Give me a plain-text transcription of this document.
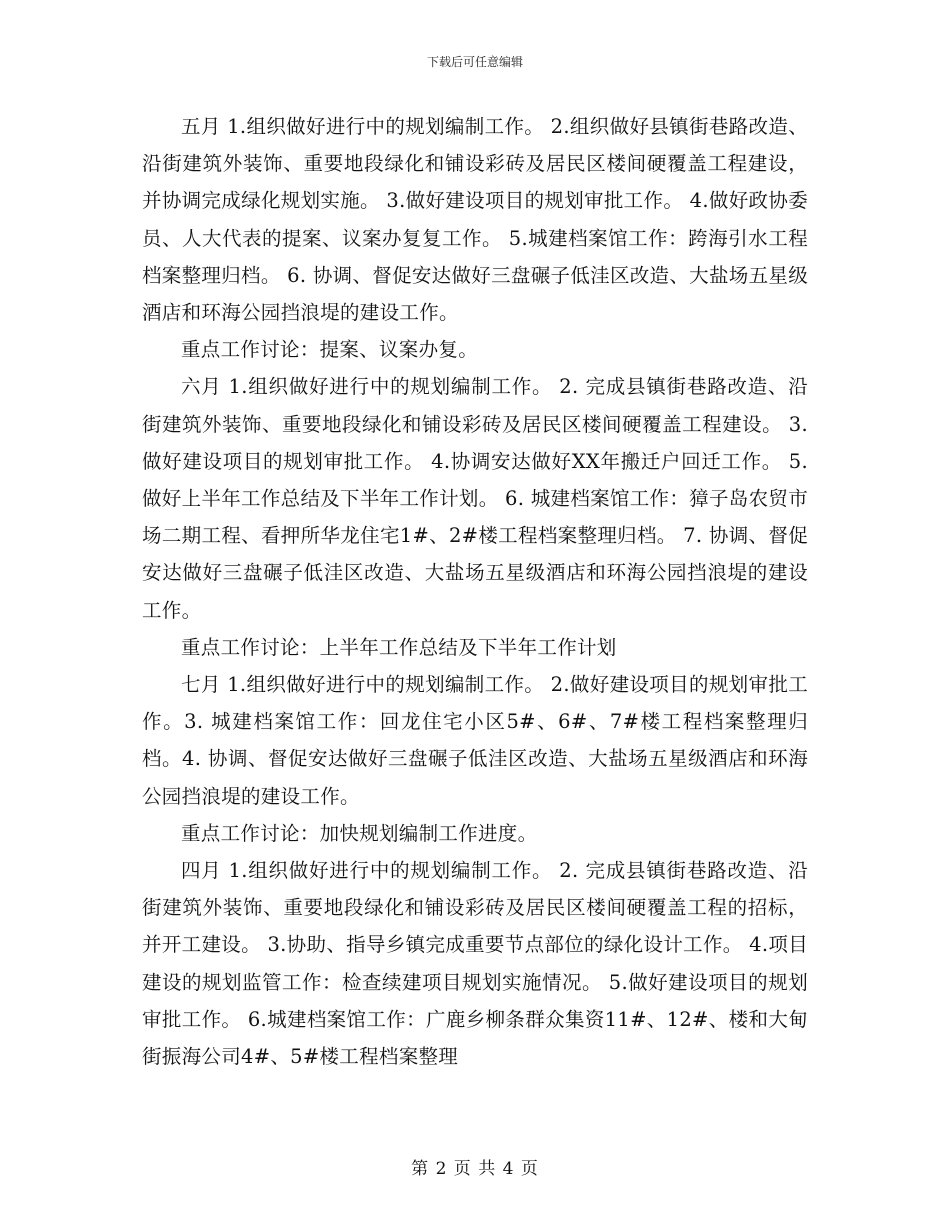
下载后可任意编辑

五月 1.组织做好进行中的规划编制工作。 2.组织做好县镇街巷路改造、沿街建筑外装饰、重要地段绿化和铺设彩砖及居民区楼间硬覆盖工程建设，并协调完成绿化规划实施。 3.做好建设项目的规划审批工作。 4.做好政协委员、人大代表的提案、议案办复复工作。 5.城建档案馆工作：跨海引水工程档案整理归档。 6. 协调、督促安达做好三盘碾子低洼区改造、大盐场五星级酒店和环海公园挡浪堤的建设工作。

重点工作讨论：提案、议案办复。

六月 1.组织做好进行中的规划编制工作。 2. 完成县镇街巷路改造、沿街建筑外装饰、重要地段绿化和铺设彩砖及居民区楼间硬覆盖工程建设。 3.做好建设项目的规划审批工作。 4.协调安达做好XX年搬迁户回迁工作。 5.做好上半年工作总结及下半年工作计划。 6. 城建档案馆工作：獐子岛农贸市场二期工程、看押所华龙住宅1#、2#楼工程档案整理归档。 7. 协调、督促安达做好三盘碾子低洼区改造、大盐场五星级酒店和环海公园挡浪堤的建设工作。

重点工作讨论：上半年工作总结及下半年工作计划

七月 1.组织做好进行中的规划编制工作。 2.做好建设项目的规划审批工作。3. 城建档案馆工作：回龙住宅小区5#、6#、7#楼工程档案整理归档。4. 协调、督促安达做好三盘碾子低洼区改造、大盐场五星级酒店和环海公园挡浪堤的建设工作。

重点工作讨论：加快规划编制工作进度。

四月 1.组织做好进行中的规划编制工作。 2. 完成县镇街巷路改造、沿街建筑外装饰、重要地段绿化和铺设彩砖及居民区楼间硬覆盖工程的招标，并开工建设。 3.协助、指导乡镇完成重要节点部位的绿化设计工作。 4.项目建设的规划监管工作：检查续建项目规划实施情况。 5.做好建设项目的规划审批工作。 6.城建档案馆工作：广鹿乡柳条群众集资11#、12#、楼和大甸街振海公司4#、5#楼工程档案整理

第 2 页 共 4 页
